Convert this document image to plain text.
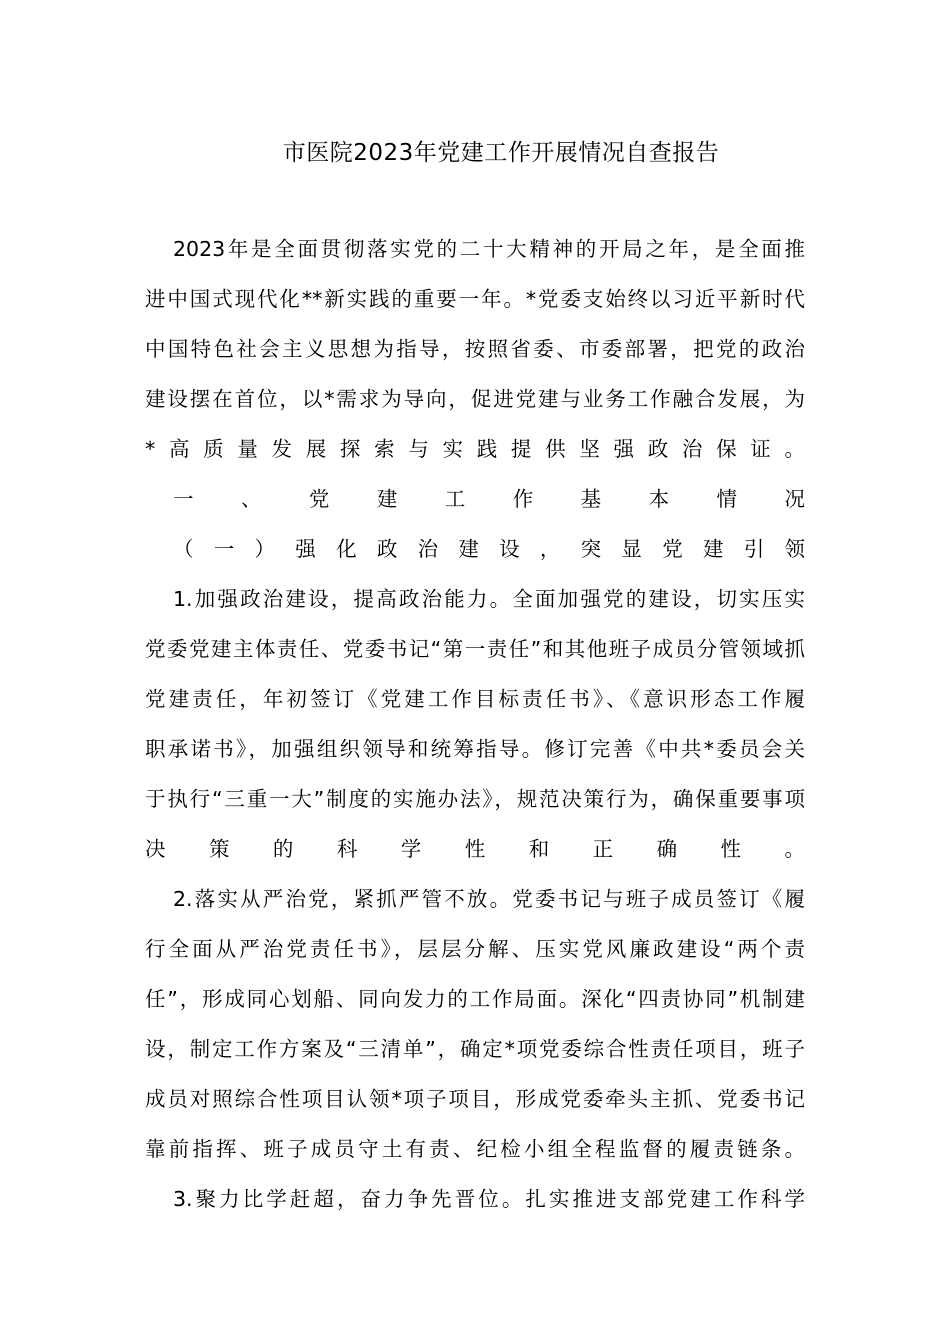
市医院2023年党建工作开展情况自查报告
2023年是全面贯彻落实党的二十大精神的开局之年，是全面推
进中国式现代化**新实践的重要一年。*党委支始终以习近平新时代
中国特色社会主义思想为指导，按照省委、市委部署，把党的政治
建设摆在首位，以*需求为导向，促进党建与业务工作融合发展，为
*高质量发展探索与实践提供坚强政治保证。
一、党建工作基本情况
（一）强化政治建设，突显党建引领
1.加强政治建设，提高政治能力。全面加强党的建设，切实压实
党委党建主体责任、党委书记“第一责任”和其他班子成员分管领域抓
党建责任，年初签订《党建工作目标责任书》、《意识形态工作履
职承诺书》，加强组织领导和统筹指导。修订完善《中共*委员会关
于执行“三重一大”制度的实施办法》，规范决策行为，确保重要事项
决策的科学性和正确性。
2.落实从严治党，紧抓严管不放。党委书记与班子成员签订《履
行全面从严治党责任书》，层层分解、压实党风廉政建设“两个责
任”，形成同心划船、同向发力的工作局面。深化“四责协同”机制建
设，制定工作方案及“三清单”，确定*项党委综合性责任项目，班子
成员对照综合性项目认领*项子项目，形成党委牵头主抓、党委书记
靠前指挥、班子成员守土有责、纪检小组全程监督的履责链条。
3.聚力比学赶超，奋力争先晋位。扎实推进支部党建工作科学
